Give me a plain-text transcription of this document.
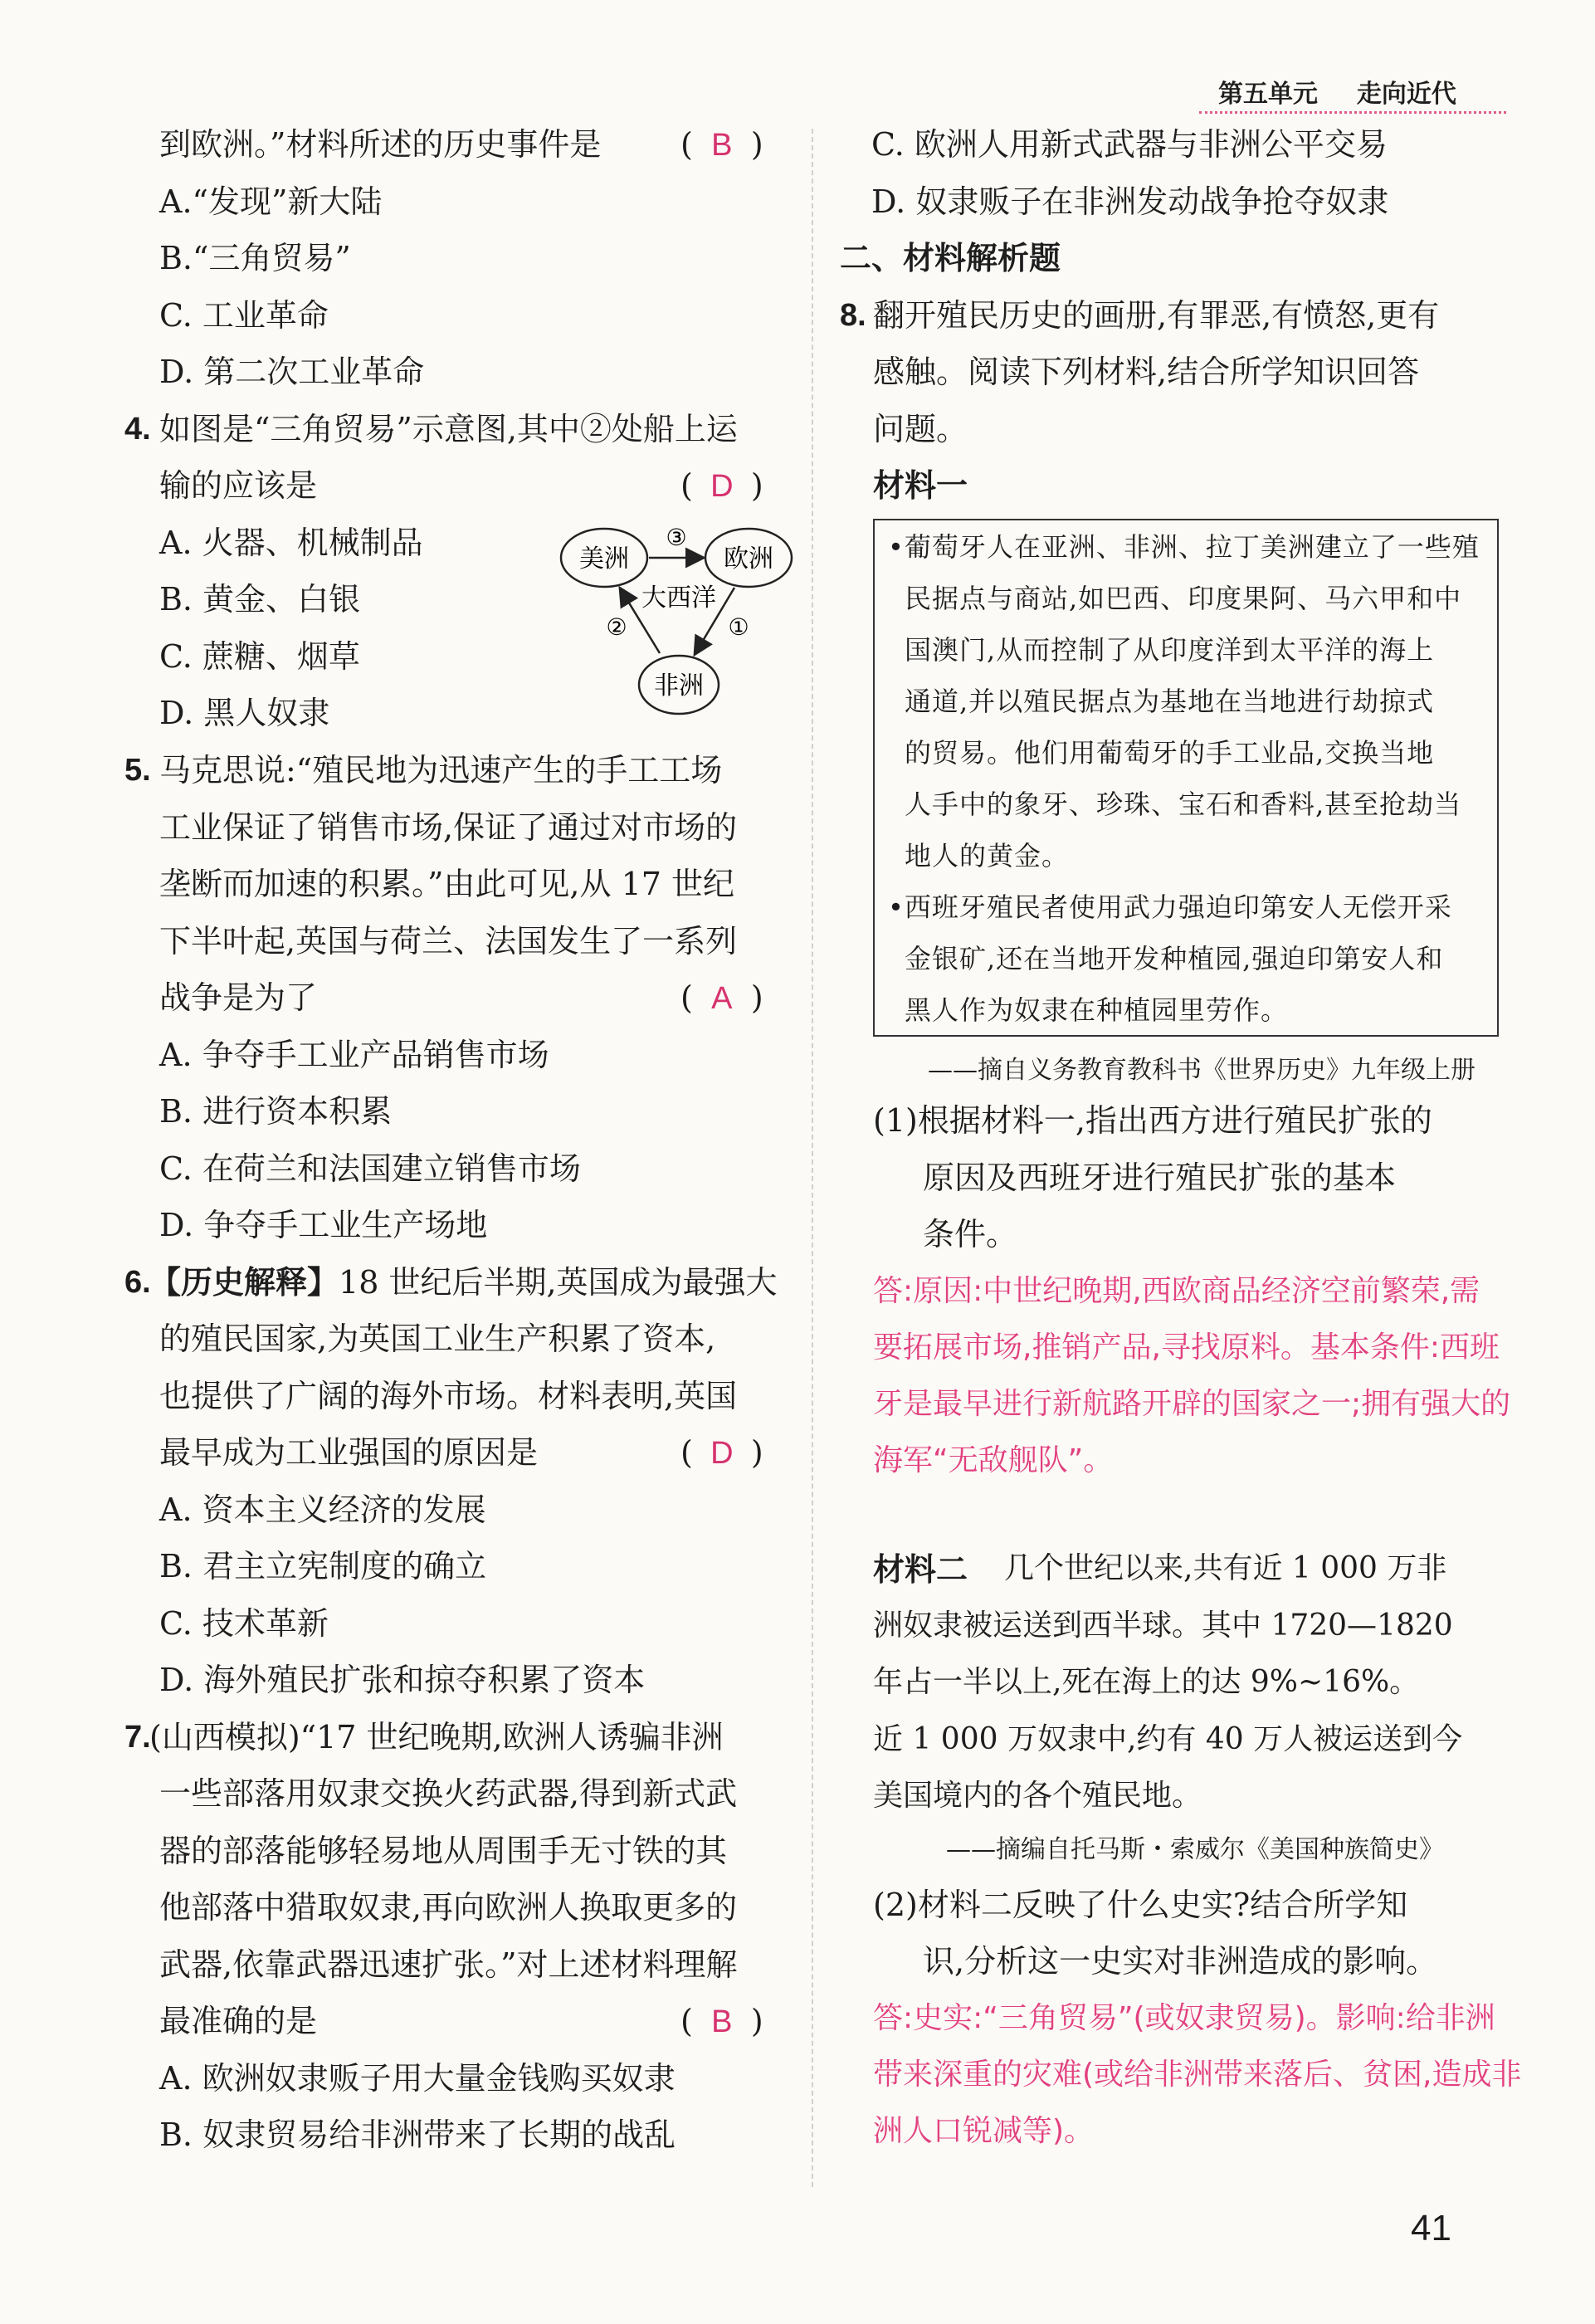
第五单元 走向近代
到欧洲。”材料所述的历史事件是	( B )
A.“发现”新大陆
B.“三角贸易”
C. 工业革命
D. 第二次工业革命
4. 如图是“三角贸易”示意图,其中②处船上运
输的应该是	( D )
A. 火器、机械制品
B. 黄金、白银
C. 蔗糖、烟草
D. 黑人奴隶
美洲	欧洲
非洲
大西洋
③
①
②
5. 马克思说:“殖民地为迅速产生的手工工场
工业保证了销售市场,保证了通过对市场的
垄断而加速的积累。”由此可见,从 17 世纪
下半叶起,英国与荷兰、法国发生了一系列
战争是为了	( A )
A. 争夺手工业产品销售市场
B. 进行资本积累
C. 在荷兰和法国建立销售市场
D. 争夺手工业生产场地
6.
【历史解释】18 世纪后半期,英国成为最强大
的殖民国家,为英国工业生产积累了资本,
也提供了广阔的海外市场。材料表明,英国
最早成为工业强国的原因是	( D )
A. 资本主义经济的发展
B. 君主立宪制度的确立
C. 技术革新
D. 海外殖民扩张和掠夺积累了资本
7.
(山西模拟)“17 世纪晚期,欧洲人诱骗非洲
一些部落用奴隶交换火药武器,得到新式武
器的部落能够轻易地从周围手无寸铁的其
他部落中猎取奴隶,再向欧洲人换取更多的
武器,依靠武器迅速扩张。”对上述材料理解
最准确的是	( B )
A. 欧洲奴隶贩子用大量金钱购买奴隶
B. 奴隶贸易给非洲带来了长期的战乱
C. 欧洲人用新式武器与非洲公平交易
D. 奴隶贩子在非洲发动战争抢夺奴隶
二、材料解析题
8. 翻开殖民历史的画册,有罪恶,有愤怒,更有
感触。阅读下列材料,结合所学知识回答
问题。
材料一
•葡萄牙人在亚洲、非洲、拉丁美洲建立了一些殖
民据点与商站,如巴西、印度果阿、马六甲和中
国澳门,从而控制了从印度洋到太平洋的海上
通道,并以殖民据点为基地在当地进行劫掠式
的贸易。他们用葡萄牙的手工业品,交换当地
人手中的象牙、珍珠、宝石和香料,甚至抢劫当
地人的黄金。
•西班牙殖民者使用武力强迫印第安人无偿开采
金银矿,还在当地开发种植园,强迫印第安人和
黑人作为奴隶在种植园里劳作。
——摘自义务教育教科书《世界历史》九年级上册
(1)根据材料一,指出西方进行殖民扩张的
原因及西班牙进行殖民扩张的基本
条件。
答:原因:中世纪晚期,西欧商品经济空前繁荣,需
要拓展市场,推销产品,寻找原料。基本条件:西班
牙是最早进行新航路开辟的国家之一;拥有强大的
海军“无敌舰队”。
材料二 几个世纪以来,共有近 1 000 万非
洲奴隶被运送到西半球。其中 1720—1820
年占一半以上,死在海上的达 9%~16%。
近 1 000 万奴隶中,约有 40 万人被运送到今
美国境内的各个殖民地。
——摘编自托马斯・索威尔《美国种族简史》
(2)材料二反映了什么史实?结合所学知
识,分析这一史实对非洲造成的影响。
答:史实:“三角贸易”(或奴隶贸易)。影响:给非洲
带来深重的灾难(或给非洲带来落后、贫困,造成非
洲人口锐减等)。
41
